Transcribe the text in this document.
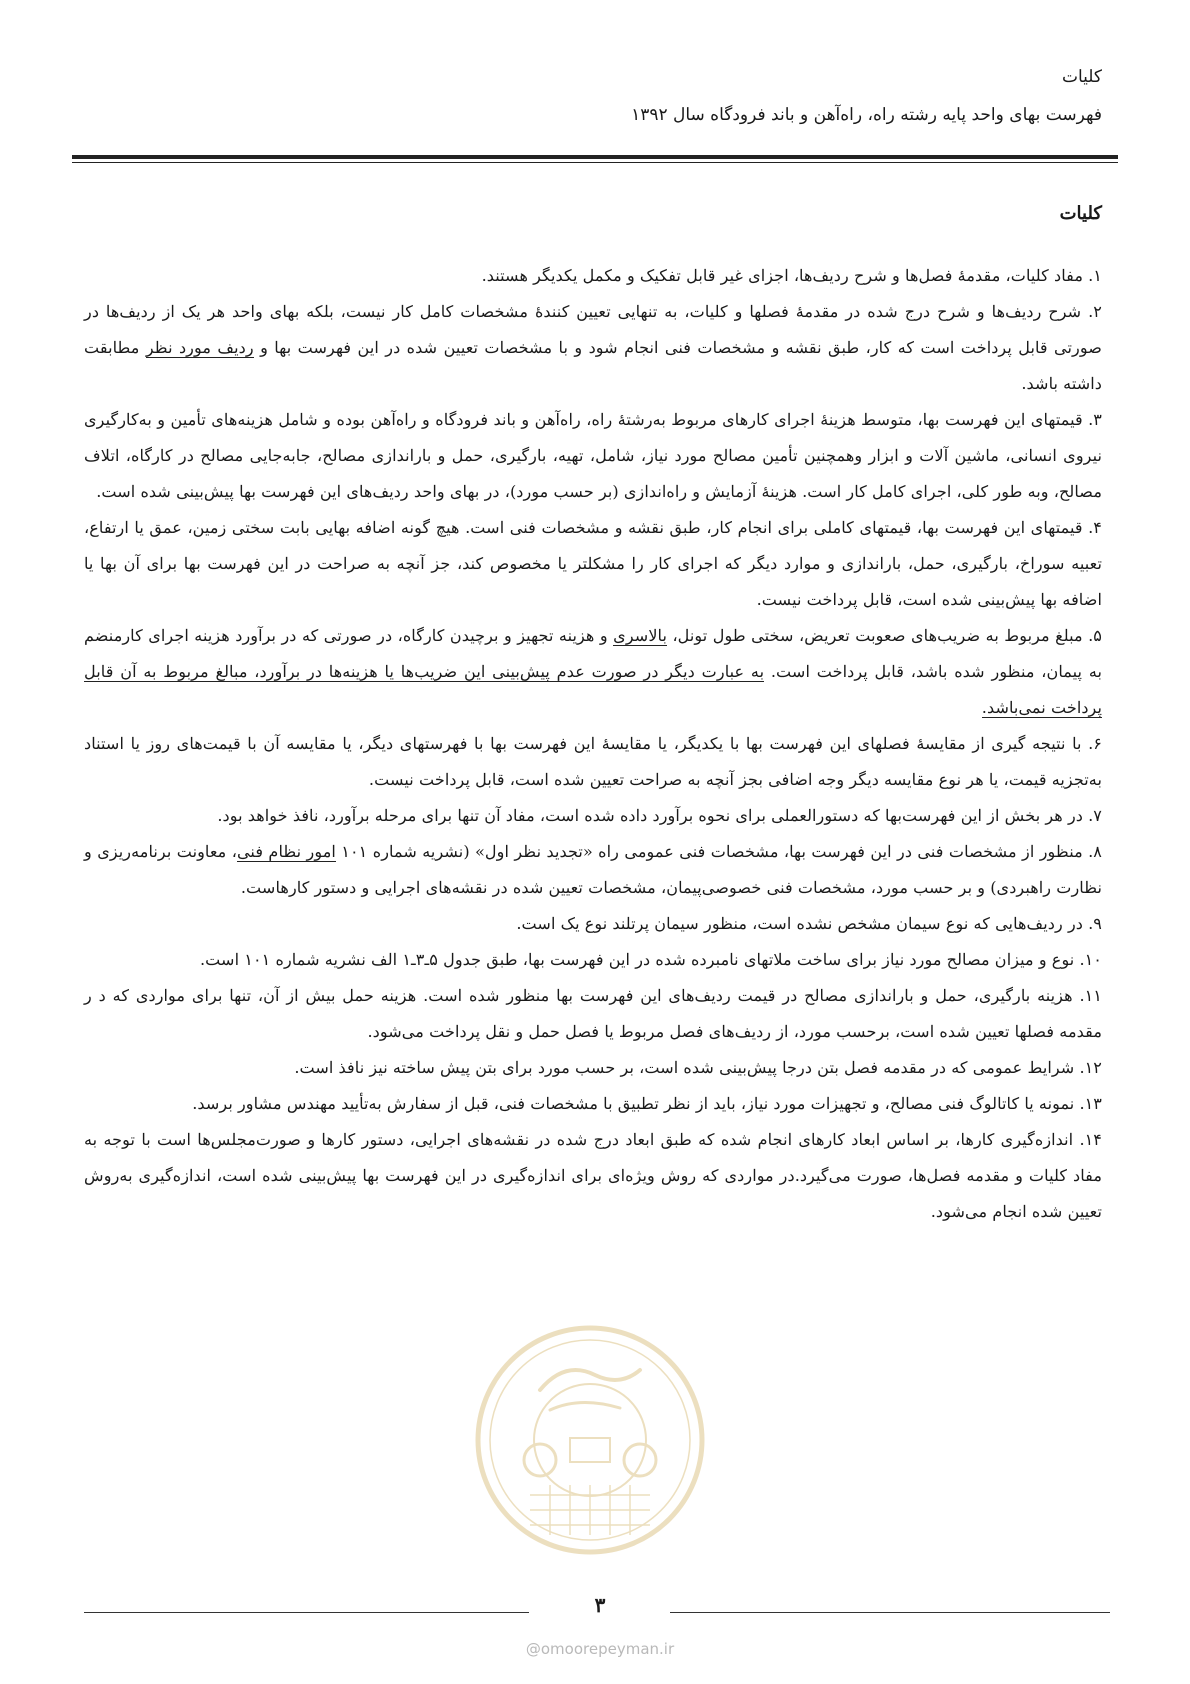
کلیات
فهرست بهای واحد پایه رشته راه، راه‌آهن و باند فرودگاه سال ۱۳۹۲
کلیات

۱. مفاد کلیات، مقدمهٔ فصل‌ها و شرح ردیف‌ها، اجزای غیر قابل تفکیک و مکمل یکدیگر هستند.

۲. شرح ردیف‌ها و شرح درج شده در مقدمهٔ فصلها و کلیات، به تنهایی تعیین کنندهٔ مشخصات کامل کار نیست، بلکه بهای واحد هر یک از ردیف‌ها در صورتی قابل پرداخت است که کار، طبق نقشه و مشخصات فنی انجام شود و با مشخصات تعیین شده در این فهرست بها و ردیف مورد نظر مطابقت داشته باشد.

۳. قیمتهای این فهرست بها، متوسط هزینهٔ اجرای کارهای مربوط به‌رشتهٔ راه، راه‌آهن و باند فرودگاه و راه‌آهن بوده و شامل هزینه‌های تأمین و به‌کارگیری نیروی انسانی، ماشین آلات و ابزار وهمچنین تأمین مصالح مورد نیاز، شامل، تهیه، بارگیری، حمل و باراندازی مصالح، جابه‌جایی مصالح در کارگاه، اتلاف مصالح، وبه طور کلی، اجرای کامل کار است. هزینهٔ آزمایش و راه‌اندازی (بر حسب مورد)، در بهای واحد ردیف‌های این فهرست بها پیش‌بینی شده است.

۴. قیمتهای این فهرست بها، قیمتهای کاملی برای انجام کار، طبق نقشه و مشخصات فنی است. هیچ گونه اضافه بهایی بابت سختی زمین، عمق یا ارتفاع، تعبیه سوراخ، بارگیری، حمل، باراندازی و موارد دیگر که اجرای کار را مشکلتر یا مخصوص کند، جز آنچه به صراحت در این فهرست بها برای آن بها یا اضافه بها پیش‌بینی شده است، قابل پرداخت نیست.

۵. مبلغ مربوط به ضریب‌های صعوبت تعریض، سختی طول تونل، بالاسری و هزینه تجهیز و برچیدن کارگاه، در صورتی که در برآورد هزینه اجرای کارمنضم به پیمان، منظور شده باشد، قابل پرداخت است. به عبارت دیگر در صورت عدم پیش‌بینی این ضریب‌ها یا هزینه‌ها در برآورد، مبالغ مربوط به آن قابل پرداخت نمی‌باشد.

۶. با نتیجه گیری از مقایسهٔ فصلهای این فهرست بها با یکدیگر، یا مقایسهٔ این فهرست بها با فهرستهای دیگر، یا مقایسه آن با قیمت‌های روز یا استناد به‌تجزیه قیمت، یا هر نوع مقایسه دیگر وجه اضافی بجز آنچه به صراحت تعیین شده است، قابل پرداخت نیست.

۷. در هر بخش از این فهرست‌بها که دستورالعملی برای نحوه برآورد داده شده است، مفاد آن تنها برای مرحله برآورد، نافذ خواهد بود.

۸. منظور از مشخصات فنی در این فهرست بها، مشخصات فنی عمومی راه «تجدید نظر اول» (نشریه شماره ۱۰۱ امور نظام فنی، معاونت برنامه‌ریزی و نظارت راهبردی) و بر حسب مورد، مشخصات فنی خصوصی‌پیمان، مشخصات تعیین شده در نقشه‌های اجرایی و دستور کارهاست.

۹. در ردیف‌هایی که نوع سیمان مشخص نشده است، منظور سیمان پرتلند نوع یک است.

۱۰. نوع و میزان مصالح مورد نیاز برای ساخت ملاتهای نامبرده شده در این فهرست بها، طبق جدول ۵ـ۳ـ۱ الف نشریه شماره ۱۰۱ است.

۱۱. هزینه بارگیری، حمل و باراندازی مصالح در قیمت ردیف‌های این فهرست بها منظور شده است. هزینه حمل بیش از آن، تنها برای مواردی که د ر مقدمه فصلها تعیین شده است، برحسب مورد، از ردیف‌های فصل مربوط یا فصل حمل و نقل پرداخت می‌شود.

۱۲. شرایط عمومی که در مقدمه فصل بتن درجا پیش‌بینی شده است، بر حسب مورد برای بتن پیش ساخته نیز نافذ است.

۱۳. نمونه یا کاتالوگ فنی مصالح، و تجهیزات مورد نیاز، باید از نظر تطبیق با مشخصات فنی، قبل از سفارش به‌تأیید مهندس مشاور برسد.

۱۴. اندازه‌گیری کارها، بر اساس ابعاد کارهای انجام شده که طبق ابعاد درج شده در نقشه‌های اجرایی، دستور کارها و صورت‌مجلس‌ها است با توجه به مفاد کلیات و مقدمه فصل‌ها، صورت می‌گیرد.در مواردی که روش ویژه‌ای برای اندازه‌گیری در این فهرست بها پیش‌بینی شده است، اندازه‌گیری به‌روش تعیین شده انجام می‌شود.

۳
@omoorepeyman.ir
